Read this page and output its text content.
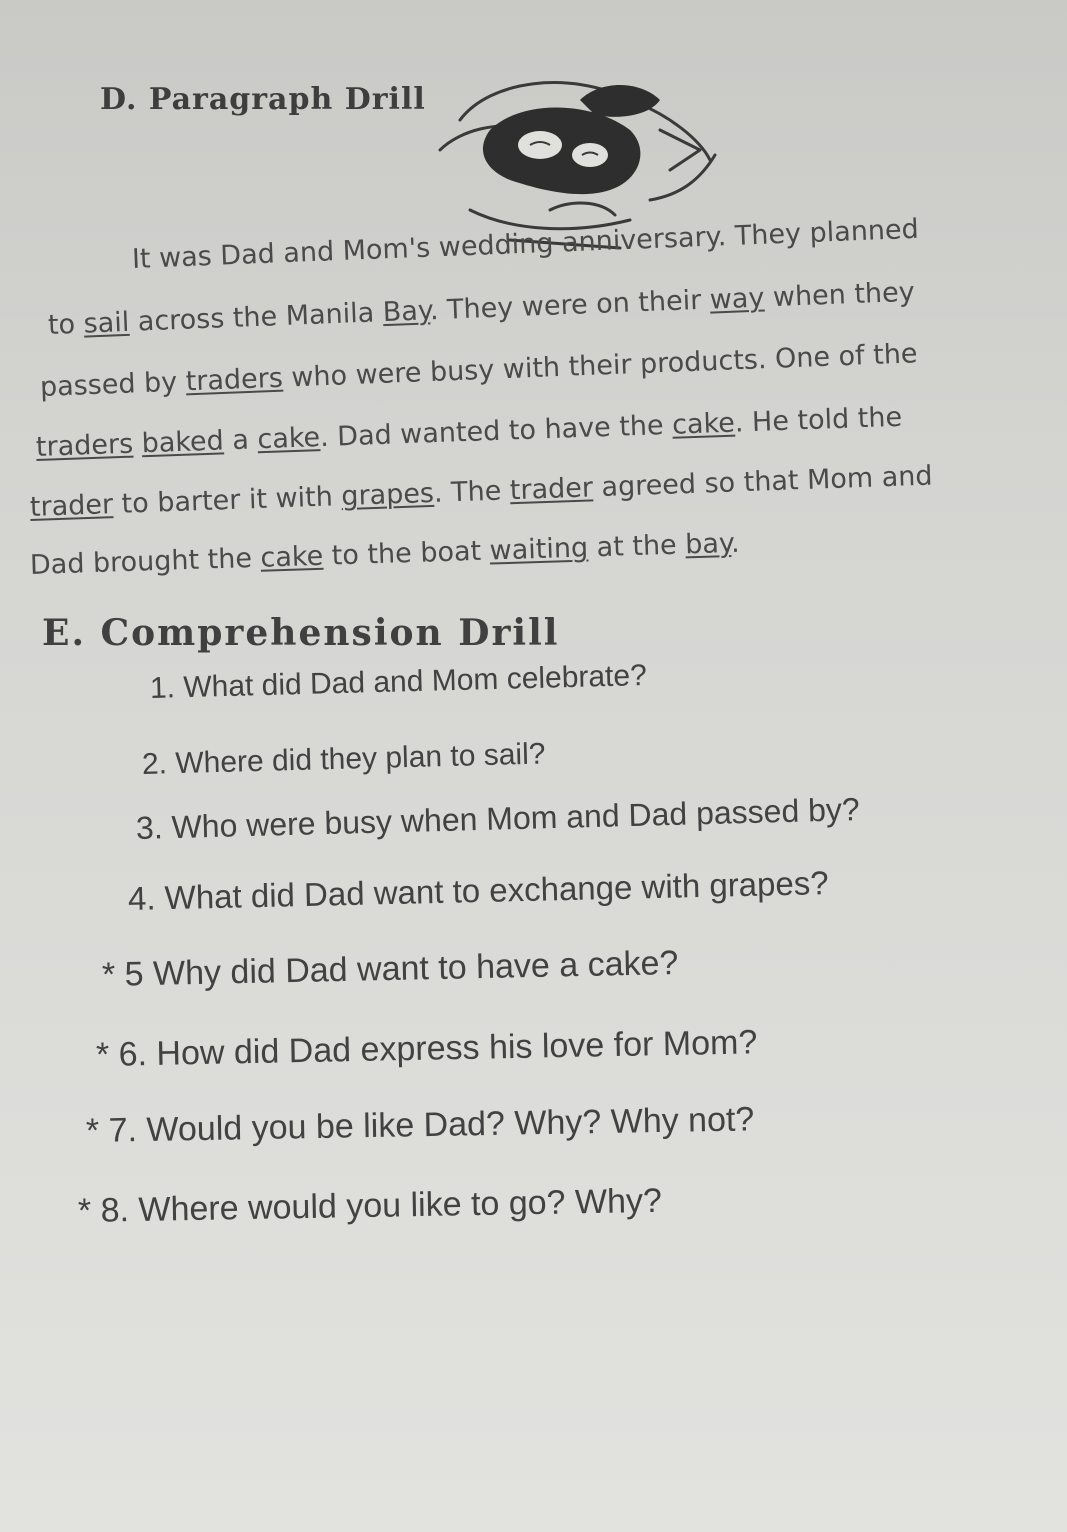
D. Paragraph Drill
It was Dad and Mom's wedding anniversary. They planned
to sail across the Manila Bay. They were on their way when they
passed by traders who were busy with their products. One of the
traders baked a cake. Dad wanted to have the cake. He told the
trader to barter it with grapes. The trader agreed so that Mom and
Dad brought the cake to the boat waiting at the bay.
E. Comprehension Drill
1. What did Dad and Mom celebrate?
2. Where did they plan to sail?
3. Who were busy when Mom and Dad passed by?
4. What did Dad want to exchange with grapes?
* 5 Why did Dad want to have a cake?
* 6. How did Dad express his love for Mom?
* 7. Would you be like Dad? Why? Why not?
* 8. Where would you like to go? Why?
